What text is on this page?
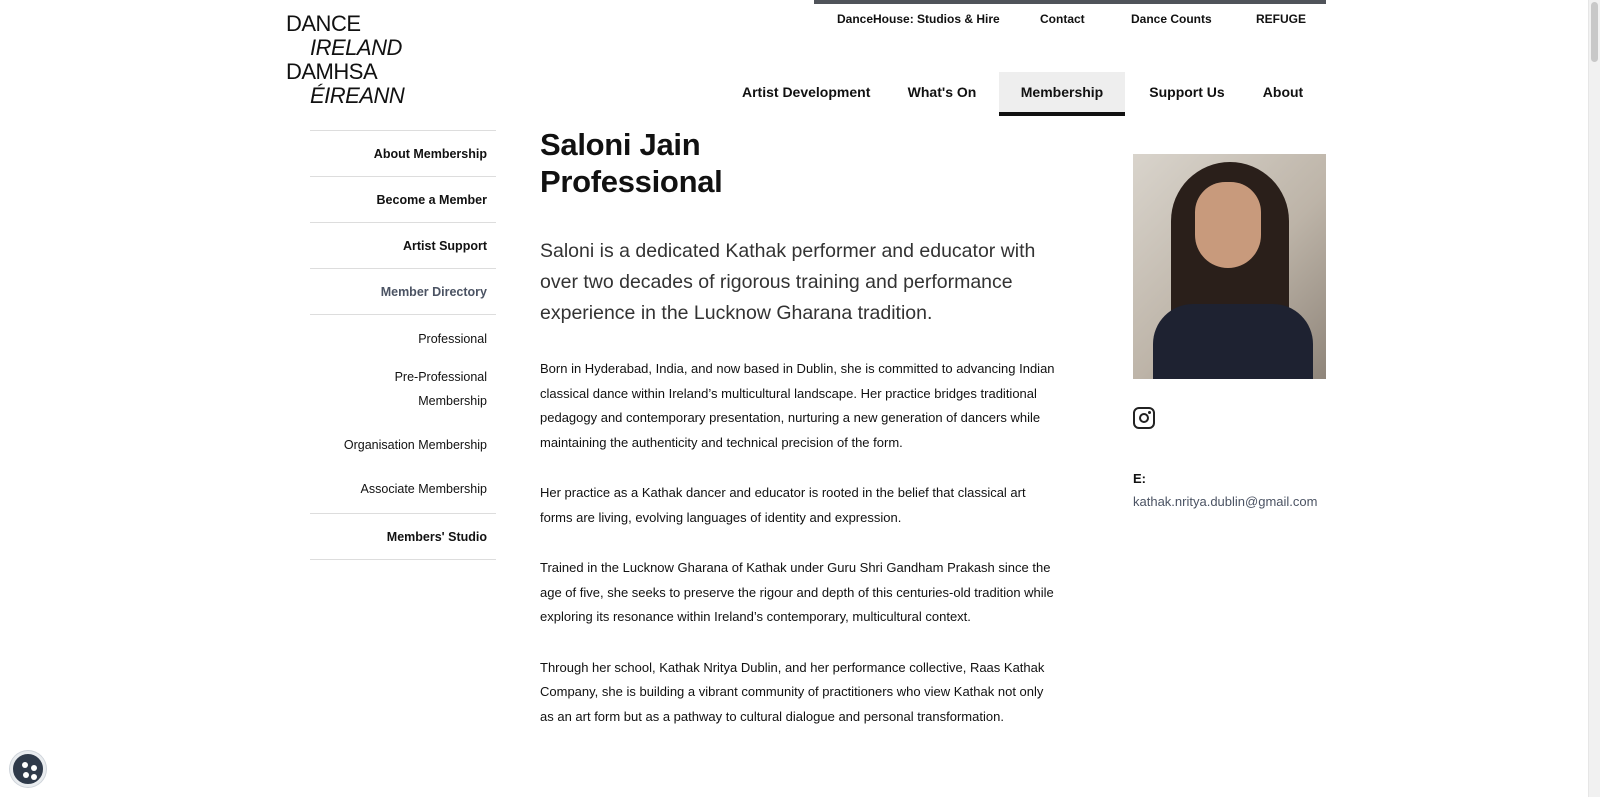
DANCE
IRELAND
DAMHSA
ÉIREANN
DanceHouse: Studios & Hire	Contact	Dance Counts	REFUGE
Artist Development	What's On	Membership	Support Us	About
About Membership
Become a Member
Artist Support
Member Directory
Professional
Pre-Professional Membership
Organisation Membership
Associate Membership
Members' Studio
Saloni Jain
Professional

Saloni is a dedicated Kathak performer and educator with over two decades of rigorous training and performance experience in the Lucknow Gharana tradition.

Born in Hyderabad, India, and now based in Dublin, she is committed to advancing Indian classical dance within Ireland’s multicultural landscape. Her practice bridges traditional pedagogy and contemporary presentation, nurturing a new generation of dancers while maintaining the authenticity and technical precision of the form.

Her practice as a Kathak dancer and educator is rooted in the belief that classical art forms are living, evolving languages of identity and expression.

Trained in the Lucknow Gharana of Kathak under Guru Shri Gandham Prakash since the age of five, she seeks to preserve the rigour and depth of this centuries-old tradition while exploring its resonance within Ireland’s contemporary, multicultural context.

Through her school, Kathak Nritya Dublin, and her performance collective, Raas Kathak Company, she is building a vibrant community of practitioners who view Kathak not only as an art form but as a pathway to cultural dialogue and personal transformation.

E:
kathak.nritya.dublin@gmail.com
